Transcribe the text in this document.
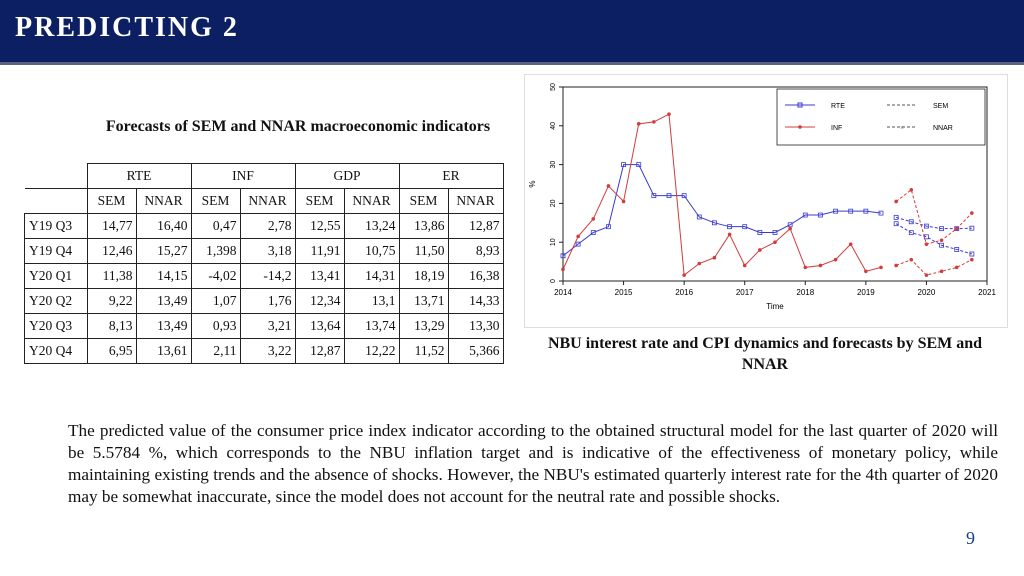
PREDICTING 2
Forecasts of SEM and NNAR macroeconomic indicators
	RTE		INF		GDP		ER	
	SEM	NNAR	SEM	NNAR	SEM	NNAR	SEM	NNAR
Y19 Q3	14,77	16,40	0,47	2,78	12,55	13,24	13,86	12,87
Y19 Q4	12,46	15,27	1,398	3,18	11,91	10,75	11,50	8,93
Y20 Q1	11,38	14,15	-4,02	-14,2	13,41	14,31	18,19	16,38
Y20 Q2	9,22	13,49	1,07	1,76	12,34	13,1	13,71	14,33
Y20 Q3	8,13	13,49	0,93	3,21	13,64	13,74	13,29	13,30
Y20 Q4	6,95	13,61	2,11	3,22	12,87	12,22	11,52	5,366
2014	2015	2016	2017	2018	2019	2020	2021
0
10
20
30
40
50
Time
%
RTE
INF
SEM
×	NNAR
NBU interest rate and CPI dynamics and forecasts by SEM and NNAR
The predicted value of the consumer price index indicator according to the obtained structural model for the last quarter of 2020 will be 5.5784 %, which corresponds to the NBU inflation target and is indicative of the effectiveness of monetary policy, while maintaining existing trends and the absence of shocks. However, the NBU's estimated quarterly interest rate for the 4th quarter of 2020 may be somewhat inaccurate, since the model does not account for the neutral rate and possible shocks.
9
